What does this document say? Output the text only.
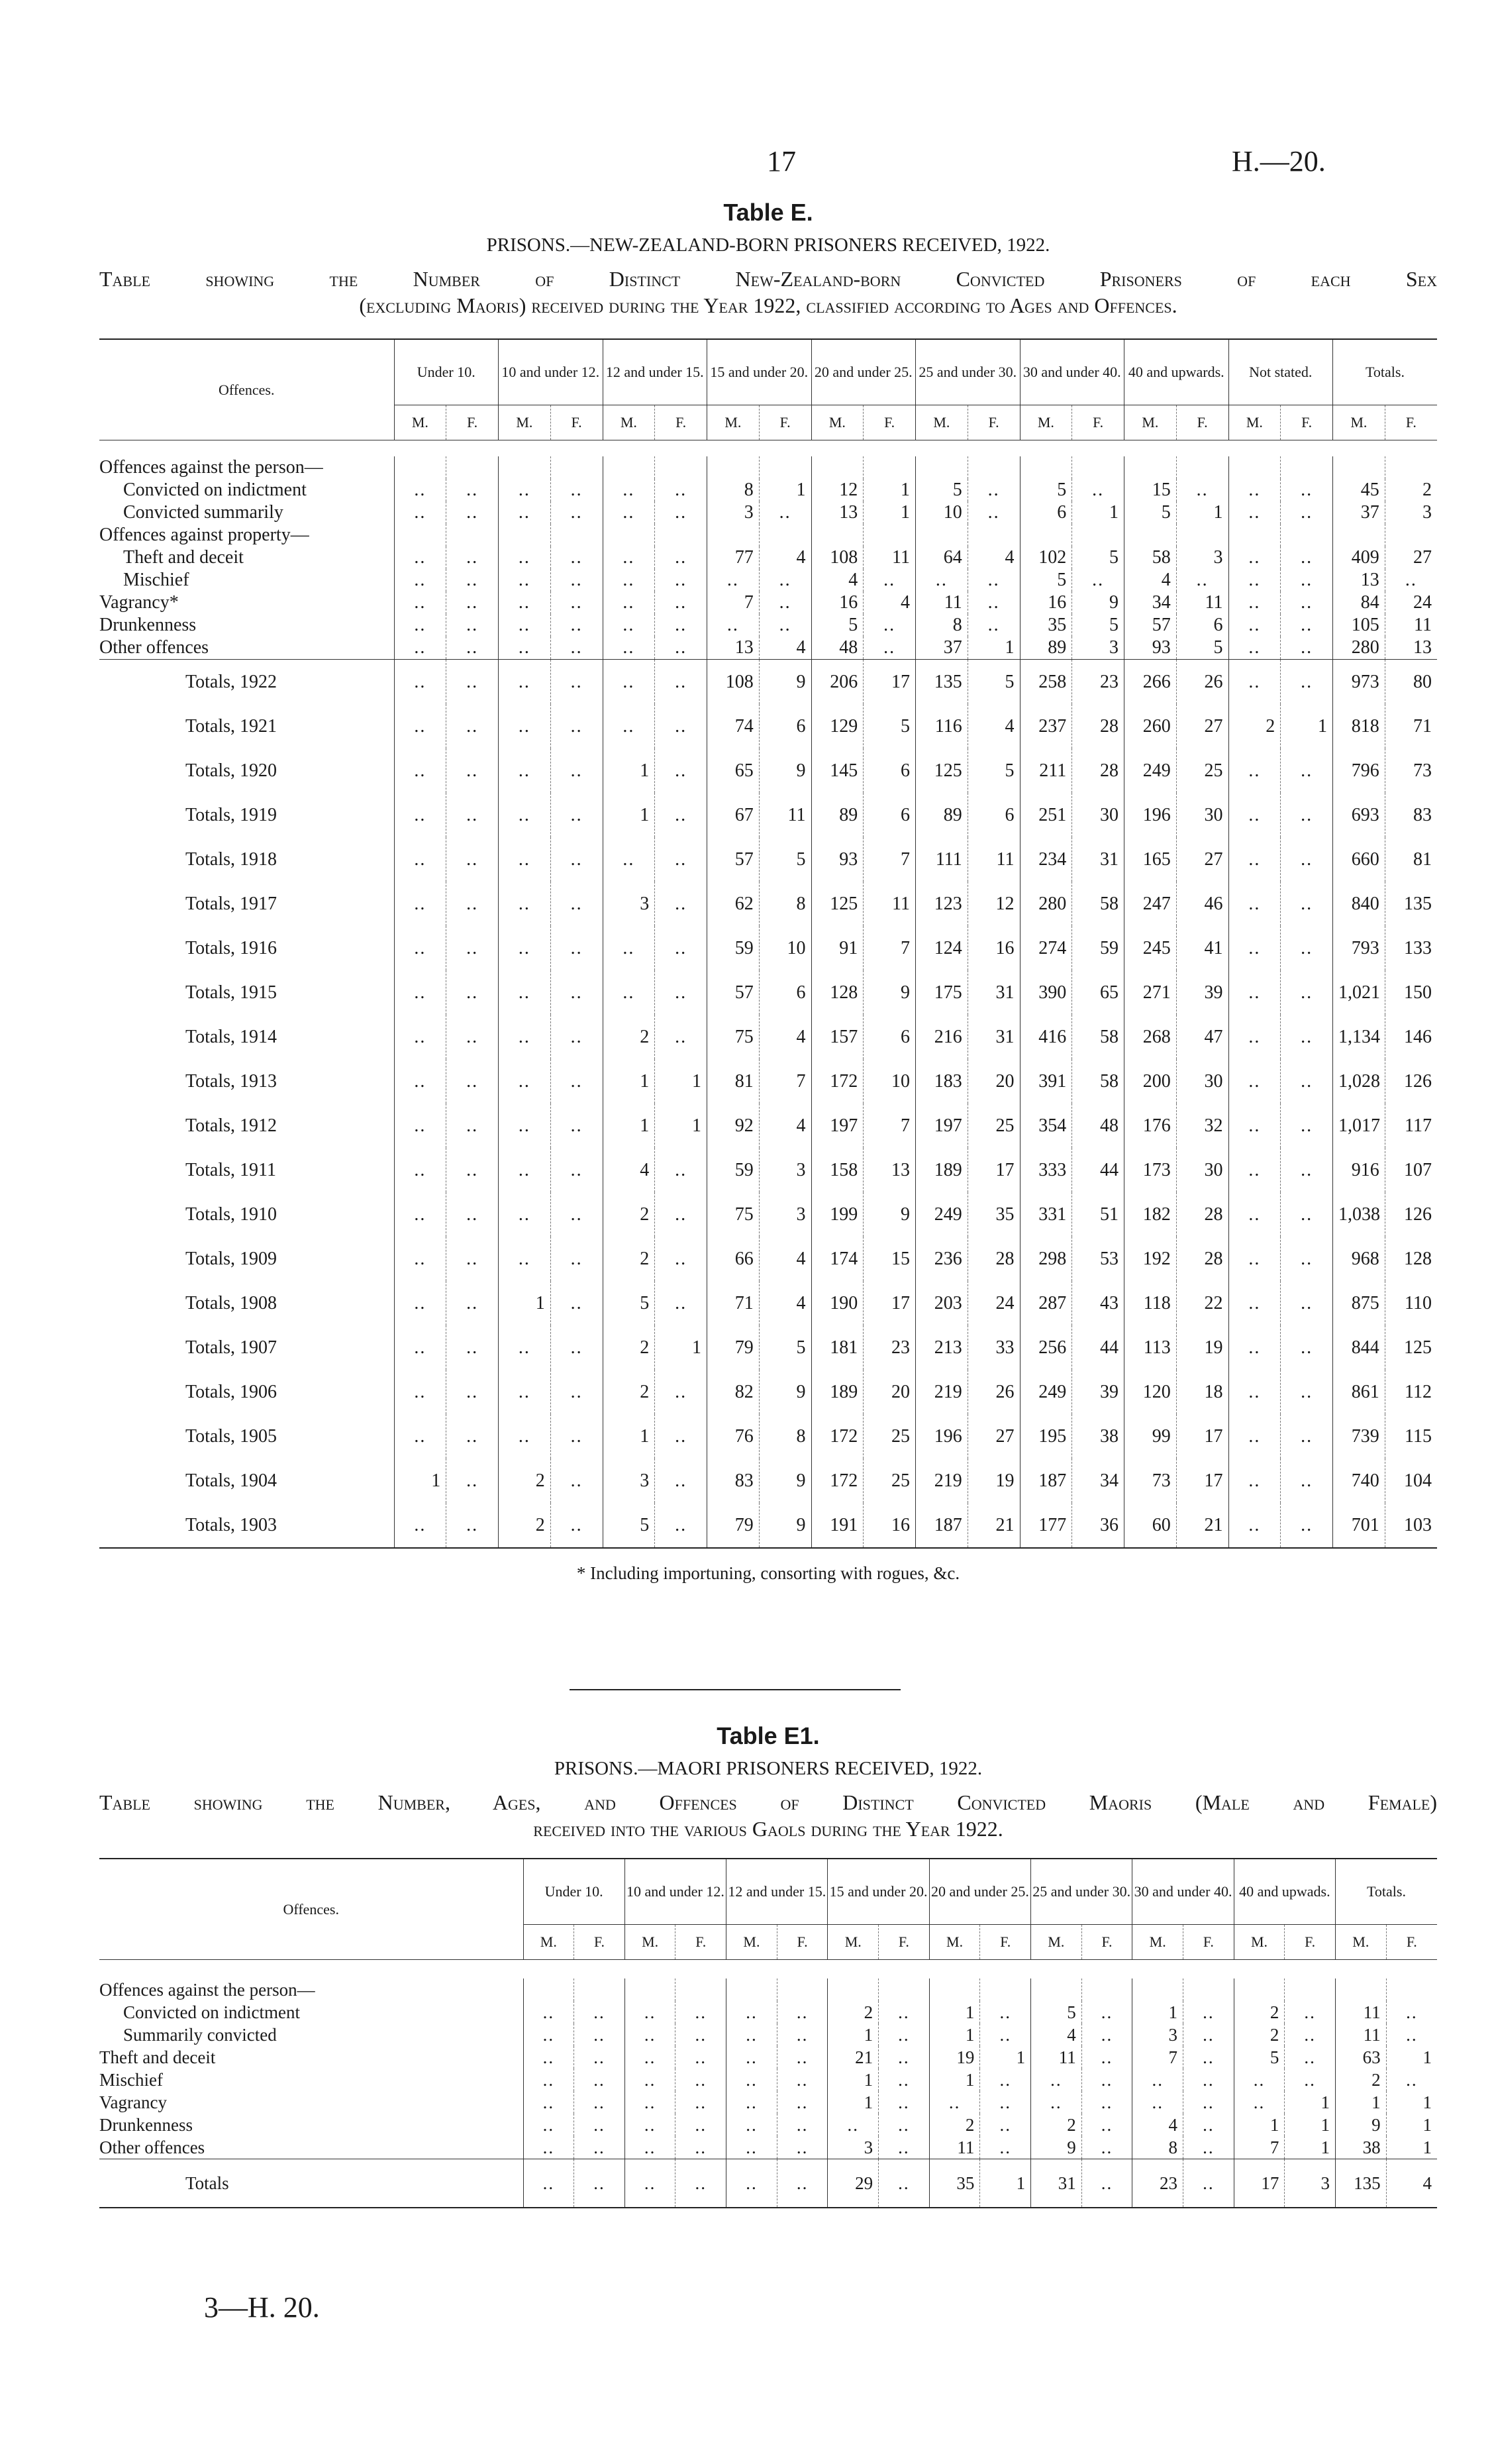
17	H.—20.
Table E.
PRISONS.—NEW-ZEALAND-BORN PRISONERS RECEIVED, 1922.
Table showing the Number of Distinct New-Zealand-born Convicted Prisoners of each Sex
(excluding Maoris) received during the Year 1922, classified according to Ages and Offences.
Offences.	Under 10.		10 and under 12.		12 and under 15.		15 and under 20.		20 and under 25.		25 and under 30.		30 and under 40.		40 and upwards.		Not stated.		Totals.	
	M.	F.	M.	F.	M.	F.	M.	F.	M.	F.	M.	F.	M.	F.	M.	F.	M.	F.	M.	F.

Offences against the person—																				
Convicted on indictment	..	..	..	..	..	..	8	1	12	1	5	..	5	..	15	..	..	..	45	2
Convicted summarily	..	..	..	..	..	..	3	..	13	1	10	..	6	1	5	1	..	..	37	3
Offences against property—																				
Theft and deceit	..	..	..	..	..	..	77	4	108	11	64	4	102	5	58	3	..	..	409	27
Mischief	..	..	..	..	..	..	..	..	4	..	..	..	5	..	4	..	..	..	13	..
Vagrancy*	..	..	..	..	..	..	7	..	16	4	11	..	16	9	34	11	..	..	84	24
Drunkenness	..	..	..	..	..	..	..	..	5	..	8	..	35	5	57	6	..	..	105	11
Other offences	..	..	..	..	..	..	13	4	48	..	37	1	89	3	93	5	..	..	280	13
Totals, 1922	..	..	..	..	..	..	108	9	206	17	135	5	258	23	266	26	..	..	973	80
Totals, 1921	..	..	..	..	..	..	74	6	129	5	116	4	237	28	260	27	2	1	818	71
Totals, 1920	..	..	..	..	1	..	65	9	145	6	125	5	211	28	249	25	..	..	796	73
Totals, 1919	..	..	..	..	1	..	67	11	89	6	89	6	251	30	196	30	..	..	693	83
Totals, 1918	..	..	..	..	..	..	57	5	93	7	111	11	234	31	165	27	..	..	660	81
Totals, 1917	..	..	..	..	3	..	62	8	125	11	123	12	280	58	247	46	..	..	840	135
Totals, 1916	..	..	..	..	..	..	59	10	91	7	124	16	274	59	245	41	..	..	793	133
Totals, 1915	..	..	..	..	..	..	57	6	128	9	175	31	390	65	271	39	..	..	1,021	150
Totals, 1914	..	..	..	..	2	..	75	4	157	6	216	31	416	58	268	47	..	..	1,134	146
Totals, 1913	..	..	..	..	1	1	81	7	172	10	183	20	391	58	200	30	..	..	1,028	126
Totals, 1912	..	..	..	..	1	1	92	4	197	7	197	25	354	48	176	32	..	..	1,017	117
Totals, 1911	..	..	..	..	4	..	59	3	158	13	189	17	333	44	173	30	..	..	916	107
Totals, 1910	..	..	..	..	2	..	75	3	199	9	249	35	331	51	182	28	..	..	1,038	126
Totals, 1909	..	..	..	..	2	..	66	4	174	15	236	28	298	53	192	28	..	..	968	128
Totals, 1908	..	..	1	..	5	..	71	4	190	17	203	24	287	43	118	22	..	..	875	110
Totals, 1907	..	..	..	..	2	1	79	5	181	23	213	33	256	44	113	19	..	..	844	125
Totals, 1906	..	..	..	..	2	..	82	9	189	20	219	26	249	39	120	18	..	..	861	112
Totals, 1905	..	..	..	..	1	..	76	8	172	25	196	27	195	38	99	17	..	..	739	115
Totals, 1904	1	..	2	..	3	..	83	9	172	25	219	19	187	34	73	17	..	..	740	104
Totals, 1903	..	..	2	..	5	..	79	9	191	16	187	21	177	36	60	21	..	..	701	103
* Including importuning, consorting with rogues, &c.
Table E1.
PRISONS.—MAORI PRISONERS RECEIVED, 1922.
Table showing the Number, Ages, and Offences of Distinct Convicted Maoris (Male and Female)
received into the various Gaols during the Year 1922.
Offences.	Under 10.		10 and under 12.		12 and under 15.		15 and under 20.		20 and under 25.		25 and under 30.		30 and under 40.		40 and upwads.		Totals.	
	M.	F.	M.	F.	M.	F.	M.	F.	M.	F.	M.	F.	M.	F.	M.	F.	M.	F.

Offences against the person—																		
Convicted on indictment	..	..	..	..	..	..	2	..	1	..	5	..	1	..	2	..	11	..
Summarily convicted	..	..	..	..	..	..	1	..	1	..	4	..	3	..	2	..	11	..
Theft and deceit	..	..	..	..	..	..	21	..	19	1	11	..	7	..	5	..	63	1
Mischief	..	..	..	..	..	..	1	..	1	..	..	..	..	..	..	..	2	..
Vagrancy	..	..	..	..	..	..	1	..	..	..	..	..	..	..	..	1	1	1
Drunkenness	..	..	..	..	..	..	..	..	2	..	2	..	4	..	1	1	9	1
Other offences	..	..	..	..	..	..	3	..	11	..	9	..	8	..	7	1	38	1
Totals	..	..	..	..	..	..	29	..	35	1	31	..	23	..	17	3	135	4
3—H. 20.
